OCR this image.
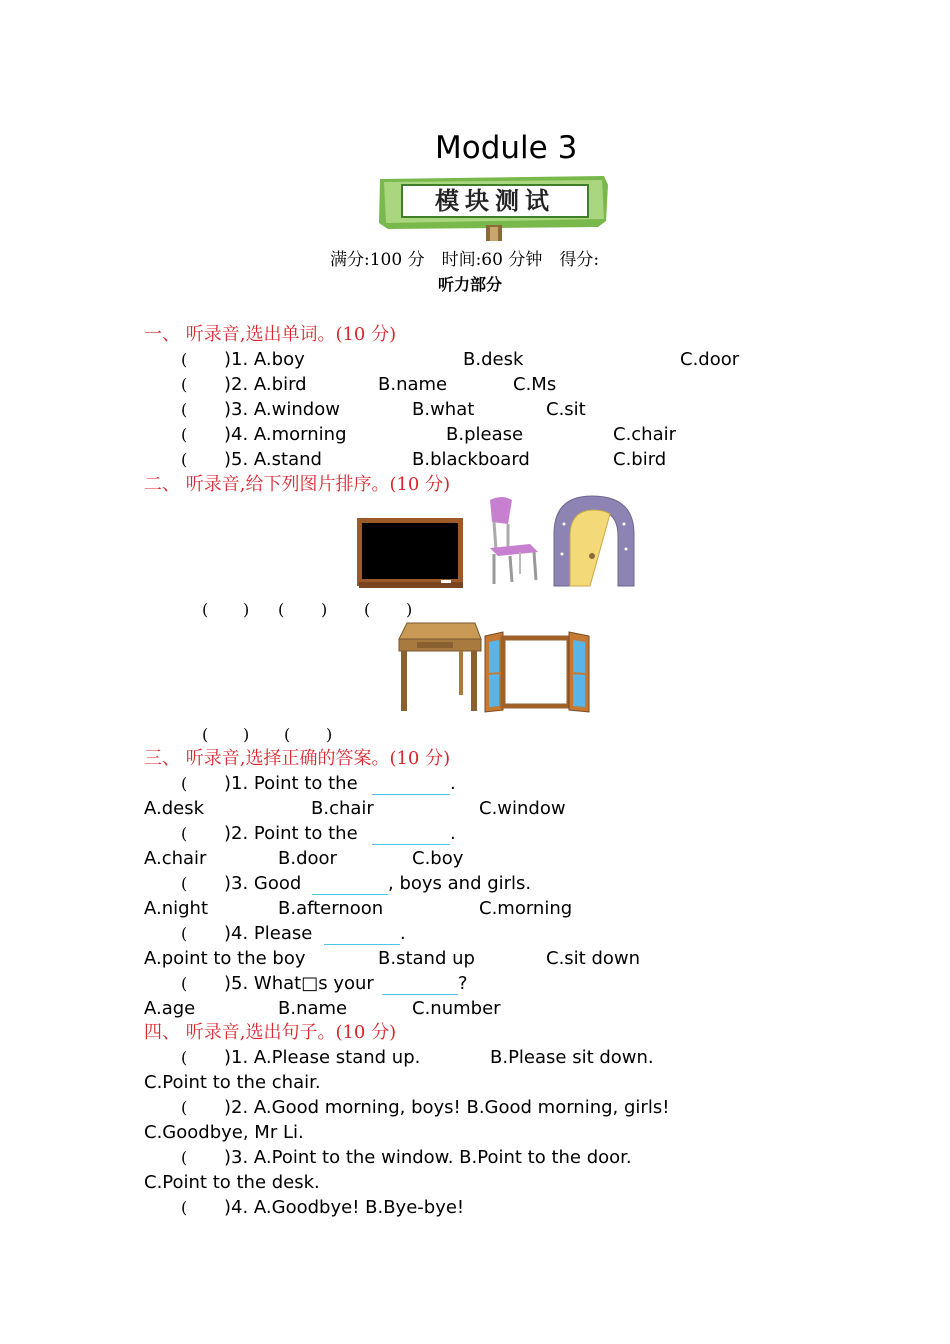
Module 3
模块测试
满分:100 分　时间:60 分钟　得分:
听力部分
一、 听录音,选出单词。(10 分)
( )1. A.boy	B.desk	C.door
( )2. A.bird	B.name	C.Ms
( )3. A.window	B.what	C.sit
( )4. A.morning	B.please	C.chair
( )5. A.stand	B.blackboard	C.bird
二、 听录音,给下列图片排序。(10 分)
( ) ( ) ( )
( ) ( )
三、 听录音,选择正确的答案。(10 分)
( )1. Point to the	.
A.desk	B.chair	C.window
( )2. Point to the	.
A.chair	B.door	C.boy
( )3. Good	, boys and girls.
A.night	B.afternoon	C.morning
( )4. Please	.
A.point to the boy	B.stand up	C.sit down
( )5. What□s your	?
A.age	B.name	C.number
四、 听录音,选出句子。(10 分)
( )1. A.Please stand up.	B.Please sit down.
C.Point to the chair.
( )2. A.Good morning, boys! B.Good morning, girls!
C.Goodbye, Mr Li.
( )3. A.Point to the window. B.Point to the door.
C.Point to the desk.
( )4. A.Goodbye! B.Bye-bye!
